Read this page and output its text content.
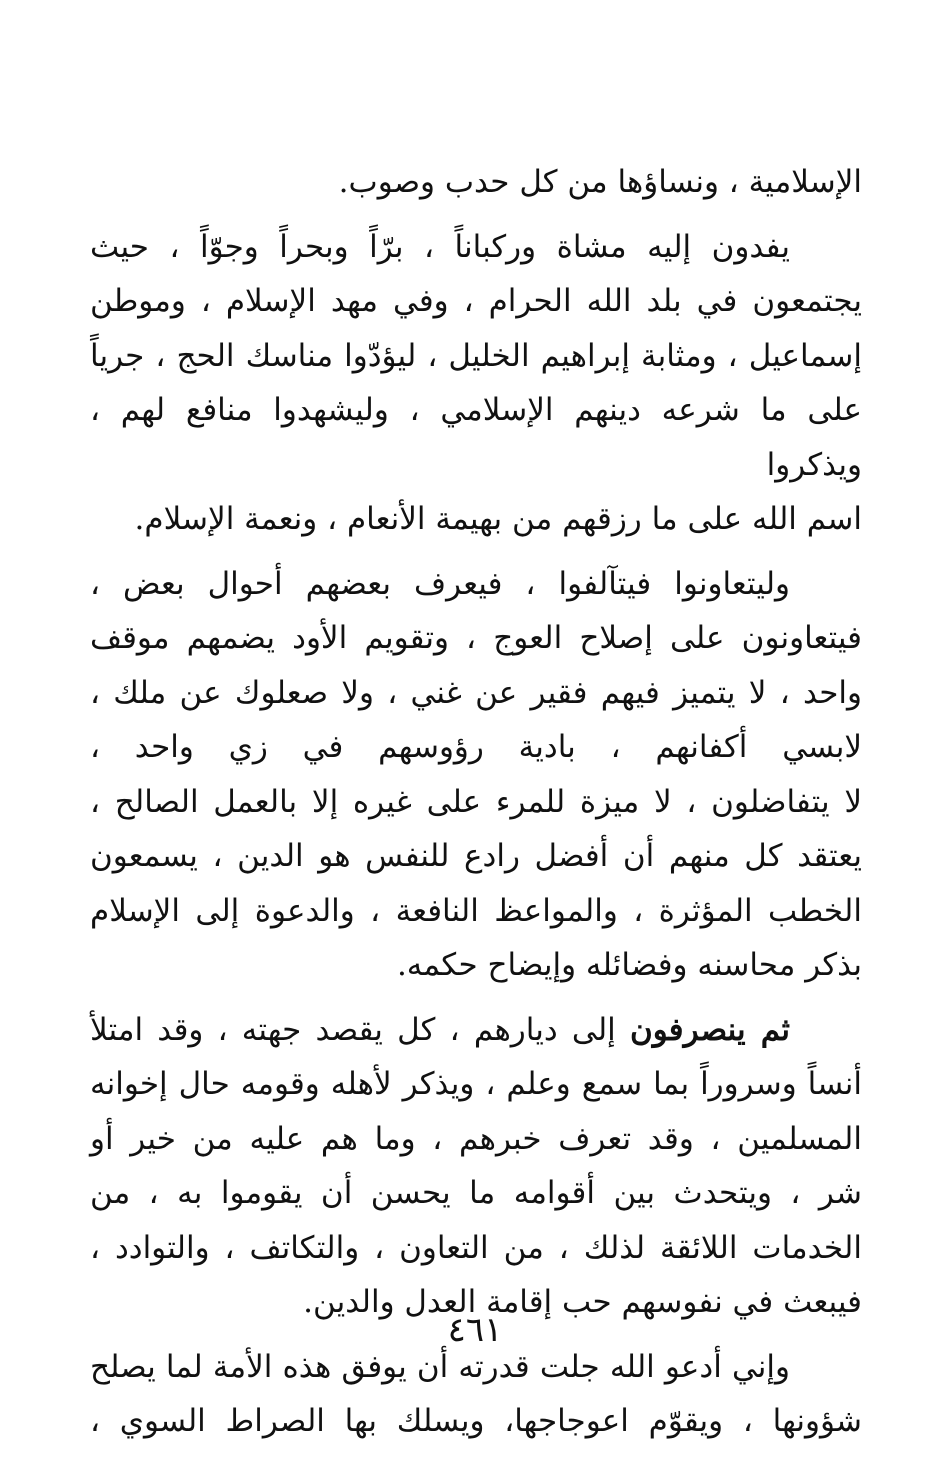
الإسلامية ، ونساؤها من كل حدب وصوب.

يفدون إليه مشاة وركباناً ، برّاً وبحراً وجوّاً ، حيث
يجتمعون في بلد الله الحرام ، وفي مهد الإسلام ، وموطن
إسماعيل ، ومثابة إبراهيم الخليل ، ليؤدّوا مناسك الحج ، جرياً
على ما شرعه دينهم الإسلامي ، وليشهدوا منافع لهم ، ويذكروا
اسم الله على ما رزقهم من بهيمة الأنعام ، ونعمة الإسلام.

وليتعاونوا فيتآلفوا ، فيعرف بعضهم أحوال بعض ،
فيتعاونون على إصلاح العوج ، وتقويم الأود يضمهم موقف
واحد ، لا يتميز فيهم فقير عن غني ، ولا صعلوك عن ملك ،
لابسي أكفانهم ، بادية رؤوسهم في زي واحد ،
لا يتفاضلون ، لا ميزة للمرء على غيره إلا بالعمل الصالح ،
يعتقد كل منهم أن أفضل رادع للنفس هو الدين ، يسمعون
الخطب المؤثرة ، والمواعظ النافعة ، والدعوة إلى الإسلام
بذكر محاسنه وفضائله وإيضاح حكمه.

ثم ينصرفون إلى ديارهم ، كل يقصد جهته ، وقد امتلأ
أنساً وسروراً بما سمع وعلم ، ويذكر لأهله وقومه حال إخوانه
المسلمين ، وقد تعرف خبرهم ، وما هم عليه من خير أو
شر ، ويتحدث بين أقوامه ما يحسن أن يقوموا به ، من
الخدمات اللائقة لذلك ، من التعاون ، والتكاتف ، والتوادد ،
فيبعث في نفوسهم حب إقامة العدل والدين.

وإني أدعو الله جلت قدرته أن يوفق هذه الأمة لما يصلح
شؤونها ، ويقوّم اعوجاجها، ويسلك بها الصراط السوي ،

٤٦١
